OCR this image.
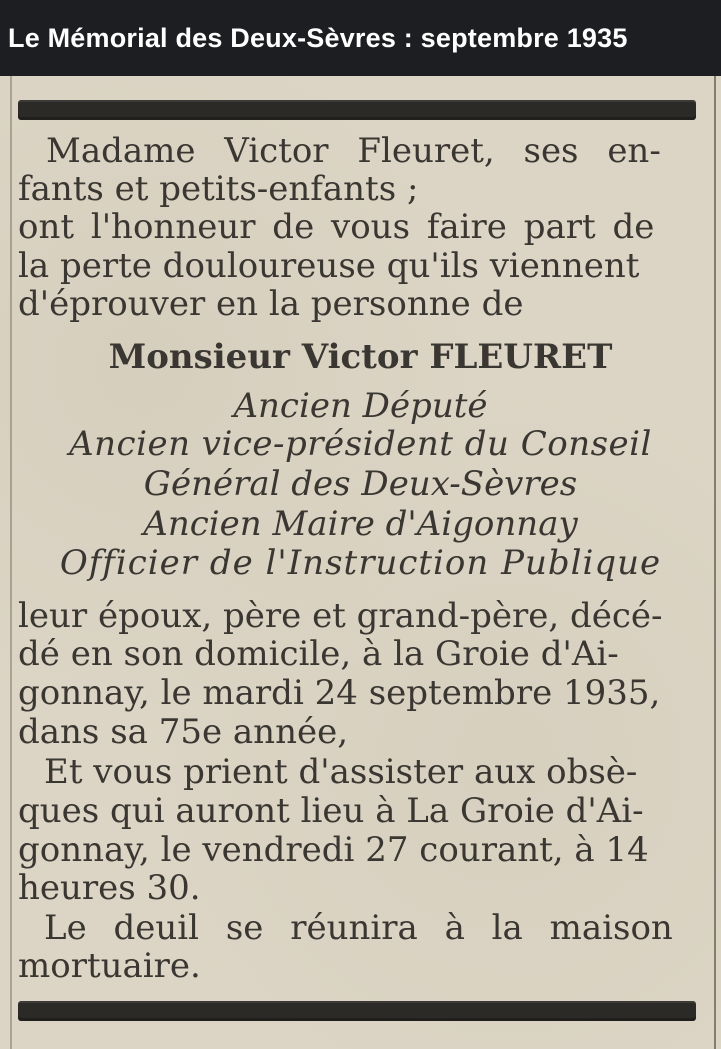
Le Mémorial des Deux-Sèvres : septembre 1935
Madame Victor Fleuret, ses en-
fants et petits-enfants ;
ont l'honneur de vous faire part de
la perte douloureuse qu'ils viennent
d'éprouver en la personne de
Monsieur Victor FLEURET
Ancien Député
Ancien vice-président du Conseil
Général des Deux-Sèvres
Ancien Maire d'Aigonnay
Officier de l'Instruction Publique
leur époux, père et grand-père, décé-
dé en son domicile, à la Groie d'Ai-
gonnay, le mardi 24 septembre 1935,
dans sa 75e année,
Et vous prient d'assister aux obsè-
ques qui auront lieu à La Groie d'Ai-
gonnay, le vendredi 27 courant, à 14
heures 30.
Le deuil se réunira à la maison
mortuaire.
